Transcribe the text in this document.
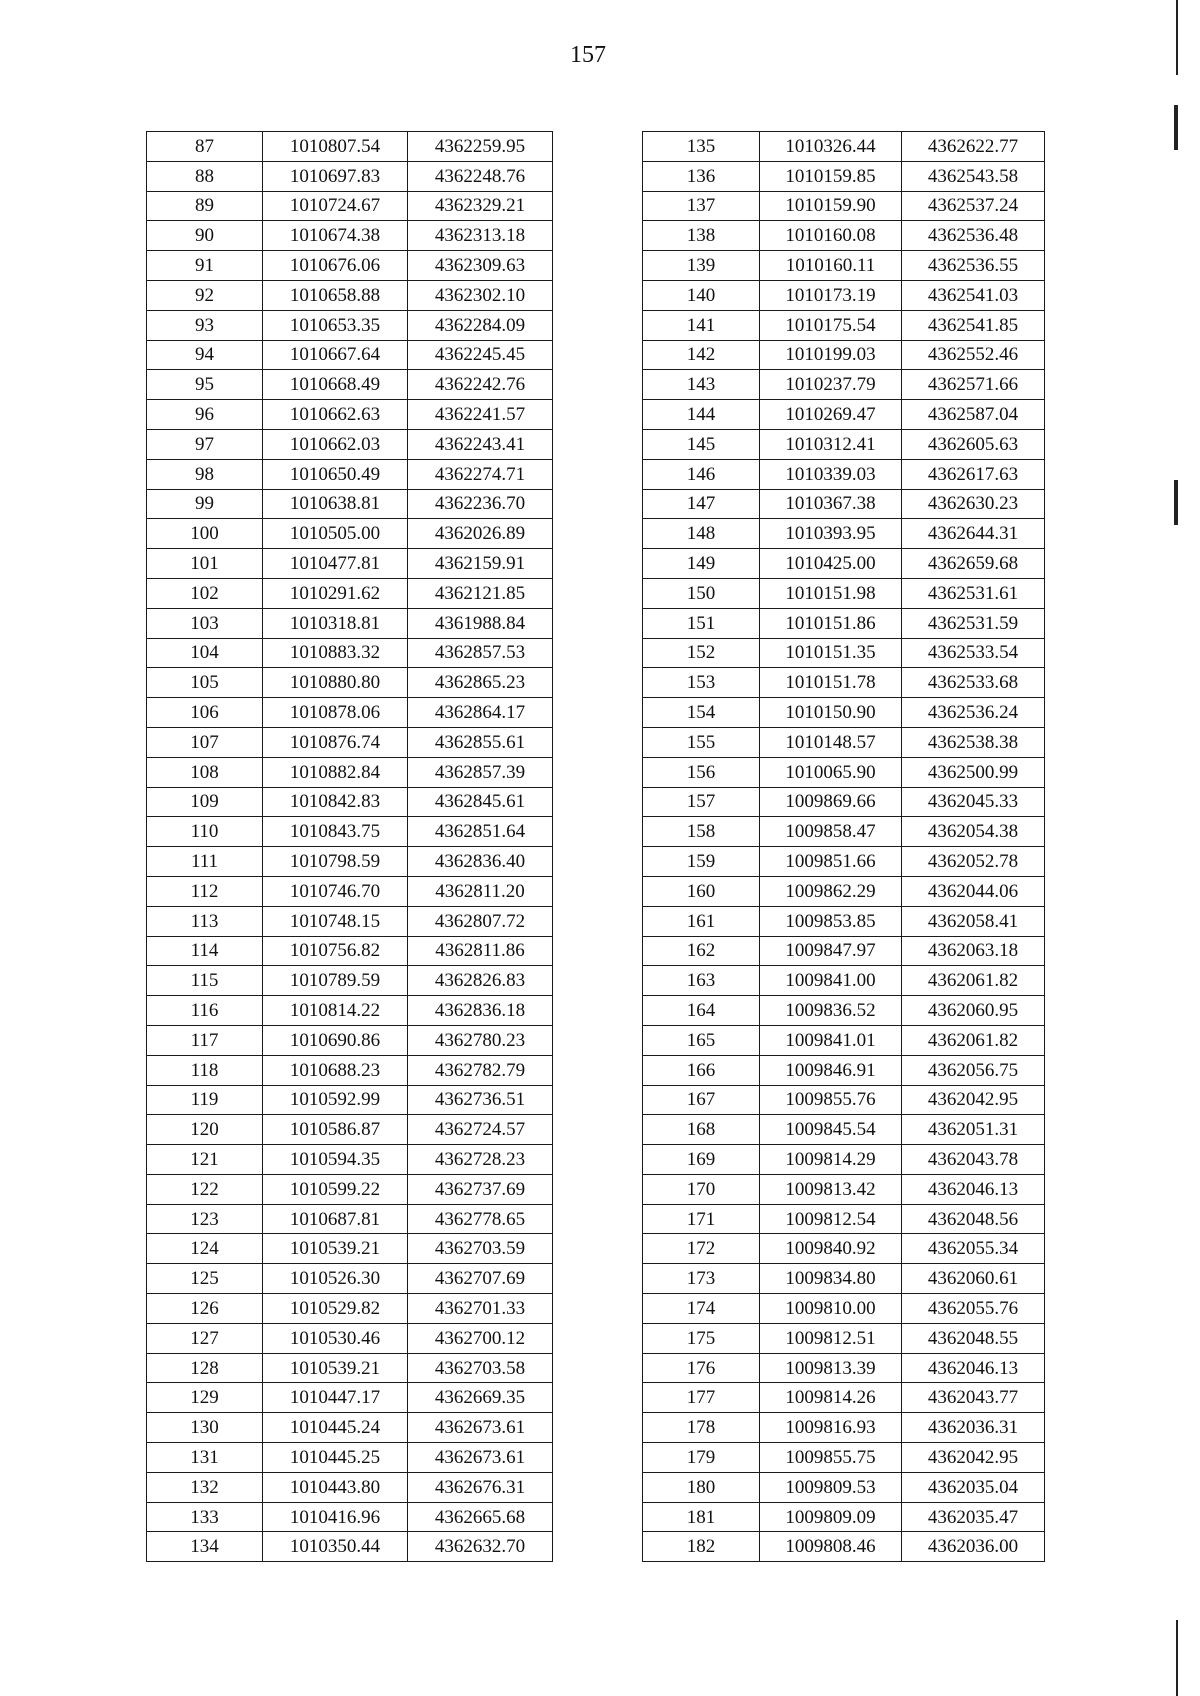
157
87	1010807.54	4362259.95
88	1010697.83	4362248.76
89	1010724.67	4362329.21
90	1010674.38	4362313.18
91	1010676.06	4362309.63
92	1010658.88	4362302.10
93	1010653.35	4362284.09
94	1010667.64	4362245.45
95	1010668.49	4362242.76
96	1010662.63	4362241.57
97	1010662.03	4362243.41
98	1010650.49	4362274.71
99	1010638.81	4362236.70
100	1010505.00	4362026.89
101	1010477.81	4362159.91
102	1010291.62	4362121.85
103	1010318.81	4361988.84
104	1010883.32	4362857.53
105	1010880.80	4362865.23
106	1010878.06	4362864.17
107	1010876.74	4362855.61
108	1010882.84	4362857.39
109	1010842.83	4362845.61
110	1010843.75	4362851.64
111	1010798.59	4362836.40
112	1010746.70	4362811.20
113	1010748.15	4362807.72
114	1010756.82	4362811.86
115	1010789.59	4362826.83
116	1010814.22	4362836.18
117	1010690.86	4362780.23
118	1010688.23	4362782.79
119	1010592.99	4362736.51
120	1010586.87	4362724.57
121	1010594.35	4362728.23
122	1010599.22	4362737.69
123	1010687.81	4362778.65
124	1010539.21	4362703.59
125	1010526.30	4362707.69
126	1010529.82	4362701.33
127	1010530.46	4362700.12
128	1010539.21	4362703.58
129	1010447.17	4362669.35
130	1010445.24	4362673.61
131	1010445.25	4362673.61
132	1010443.80	4362676.31
133	1010416.96	4362665.68
134	1010350.44	4362632.70
135	1010326.44	4362622.77
136	1010159.85	4362543.58
137	1010159.90	4362537.24
138	1010160.08	4362536.48
139	1010160.11	4362536.55
140	1010173.19	4362541.03
141	1010175.54	4362541.85
142	1010199.03	4362552.46
143	1010237.79	4362571.66
144	1010269.47	4362587.04
145	1010312.41	4362605.63
146	1010339.03	4362617.63
147	1010367.38	4362630.23
148	1010393.95	4362644.31
149	1010425.00	4362659.68
150	1010151.98	4362531.61
151	1010151.86	4362531.59
152	1010151.35	4362533.54
153	1010151.78	4362533.68
154	1010150.90	4362536.24
155	1010148.57	4362538.38
156	1010065.90	4362500.99
157	1009869.66	4362045.33
158	1009858.47	4362054.38
159	1009851.66	4362052.78
160	1009862.29	4362044.06
161	1009853.85	4362058.41
162	1009847.97	4362063.18
163	1009841.00	4362061.82
164	1009836.52	4362060.95
165	1009841.01	4362061.82
166	1009846.91	4362056.75
167	1009855.76	4362042.95
168	1009845.54	4362051.31
169	1009814.29	4362043.78
170	1009813.42	4362046.13
171	1009812.54	4362048.56
172	1009840.92	4362055.34
173	1009834.80	4362060.61
174	1009810.00	4362055.76
175	1009812.51	4362048.55
176	1009813.39	4362046.13
177	1009814.26	4362043.77
178	1009816.93	4362036.31
179	1009855.75	4362042.95
180	1009809.53	4362035.04
181	1009809.09	4362035.47
182	1009808.46	4362036.00
